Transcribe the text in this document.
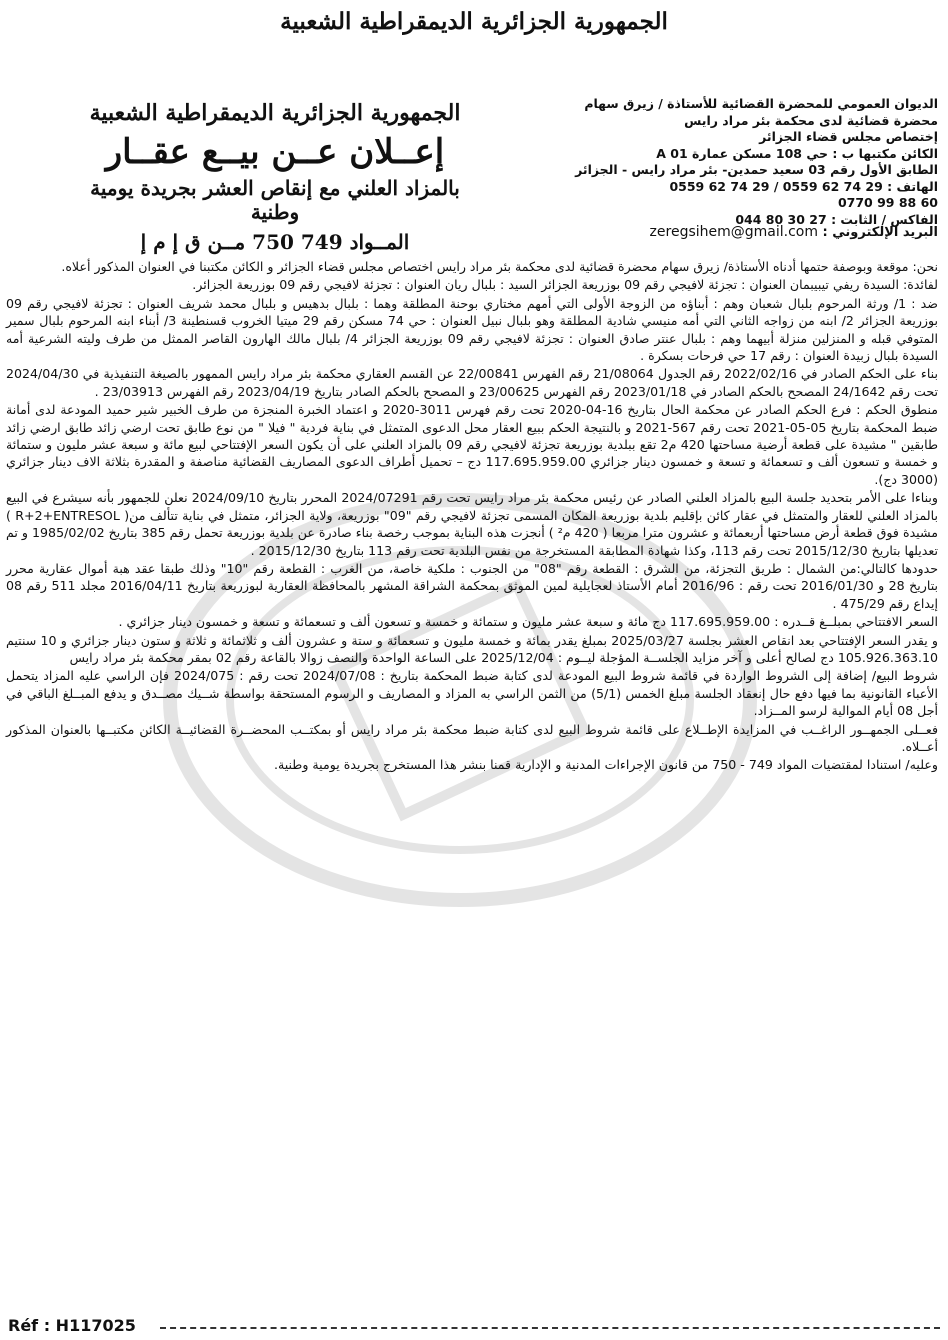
الجمهورية الجزائرية الديمقراطية الشعبية
الديوان العمومي للمحضرة القضائية للأستاذة / زيرق سهام
محضرة قضائية لدى محكمة بئر مراد رايس
إختصاص مجلس قضاء الجزائر
الكائن مكتبها ب : حي 108 مسكن عمارة A 01
الطابق الأول رقم 03 سعيد حمدين- بئر مراد رايس - الجزائر
الهاتف : 0559 62 74 29 / 0559 62 74 29
0770 99 88 60
الفاكس / الثابت : 044 80 30 27
البريد الإلكتروني : zeregsihem@gmail.com
الجمهورية الجزائرية الديمقراطية الشعبية
إعــلان عــن بيــع عقــار
بالمزاد العلني مع إنقاص العشر بجريدة يومية وطنية
المــواد 749 750 مــن ق إ م إ

نحن: موقعة وبوصفة حتمها أدناه الأستاذة/ زيرق سهام محضرة قضائية لدى محكمة بئر مراد رايس اختصاص مجلس قضاء الجزائر و الكائن مكتبنا في العنوان المذكور أعلاه.

لفائدة: السيدة ريفي تيبيبمان العنوان : تجزئة لافيجي رقم 09 بوزريعة الجزائر السيد : بلبال ريان العنوان : تجزئة لافيجي رقم 09 بوزريعة الجزائر.

ضد : 1/ ورثة المرحوم بلبال شعبان وهم : أبناؤه من الزوجة الأولى التي أمهم مختاري بوحنة المطلقة وهما : بلبال بدهيس و بلبال محمد شريف العنوان : تجزئة لافيجي رقم 09 بوزريعة الجزائر 2/ ابنه من زواجه الثاني التي أمه منيسي شادية المطلقة وهو بلبال نبيل العنوان : حي 74 مسكن رقم 29 ميتيا الخروب قسنطينة 3/ أبناء ابنه المرحوم بلبال سمير المتوفي قبله و المنزلين منزلة أبيهما وهم : بلبال عنتر صادق العنوان : تجزئة لافيجي رقم 09 بوزريعة الجزائر 4/ بلبال مالك الهارون القاصر الممثل من طرف وليته الشرعية أمه السيدة بلبال زبيدة العنوان : رقم 17 حي فرحات بسكرة .

بناء على الحكم الصادر في 2022/02/16 رقم الجدول 21/08064 رقم الفهرس 22/00841 عن القسم العقاري محكمة بئر مراد رايس الممهور بالصيغة التنفيذية في 2024/04/30 تحت رقم 24/1642 المصحح بالحكم الصادر في 2023/01/18 رقم الفهرس 23/00625 و المصحح بالحكم الصادر بتاريخ 2023/04/19 رقم الفهرس 23/03913 .

منطوق الحكم : فرع الحكم الصادر عن محكمة الحال بتاريخ 16-04-2020 تحت رقم فهرس 3011-2020 و اعتماد الخبرة المنجزة من طرف الخبير شير حميد المودعة لدى أمانة ضبط المحكمة بتاريخ 05-05-2021 تحت رقم 567-2021 و بالنتيجة الحكم ببيع العقار محل الدعوى المتمثل في بناية فردية " فيلا " من نوع طابق تحت ارضي زائد طابق ارضي زائد طابقين " مشيدة على قطعة أرضية مساحتها 420 م2 تقع ببلدية بوزريعة تجزئة لافيجي رقم 09 بالمزاد العلني على أن يكون السعر الإفتتاحي لبيع مائة و سبعة عشر مليون و ستمائة و خمسة و تسعون ألف و تسعمائة و تسعة و خمسون دينار جزائري 117.695.959.00 دج – تحميل أطراف الدعوى المصاريف القضائية مناصفة و المقدرة بثلاثة الاف دينار جزائري (3000 دج).

وبناءا على الأمر بتحديد جلسة البيع بالمزاد العلني الصادر عن رئيس محكمة بئر مراد رايس تحت رقم 2024/07291 المحرر بتاريخ 2024/09/10 نعلن للجمهور بأنه سيشرع في البيع بالمزاد العلني للعقار والمتمثل في عقار كائن بإقليم بلدية بوزريعة المكان المسمى تجزئة لافيجي رقم "09" بوزريعة، ولاية الجزائر، متمثل في بناية تتألف من( R+2+ENTRESOL ) مشيدة فوق قطعة أرض مساحتها أربعمائة و عشرون مترا مربعا ( 420 م² ) أنجزت هذه البناية بموجب رخصة بناء صادرة عن بلدية بوزريعة تحمل رقم 385 بتاريخ 1985/02/02 و تم تعديلها بتاريخ 2015/12/30 تحت رقم 113، وكذا شهادة المطابقة المستخرجة من نفس البلدية تحت رقم 113 بتاريخ 2015/12/30 .

حدودها كالتالي:من الشمال : طريق التجزئة، من الشرق : القطعة رقم "08" من الجنوب : ملكية خاصة، من الغرب : القطعة رقم "10" وذلك طبقا عقد هبة أموال عقارية محرر بتاريخ 28 و 2016/01/30 تحت رقم : 2016/96 أمام الأستاذ لعجايلية لمين الموثق بمحكمة الشراقة المشهر بالمحافظة العقارية لبوزريعة بتاريخ 2016/04/11 مجلد 511 رقم 08 إيداع رقم 475/29 .

السعر الافتتاحي بمبلــغ قــدره : 117.695.959.00 دج مائة و سبعة عشر مليون و ستمائة و خمسة و تسعون ألف و تسعمائة و تسعة و خمسون دينار جزائري .

و يقدر السعر الإفتتاحي بعد انقاص العشر بجلسة 2025/03/27 بمبلغ يقدر بمائة و خمسة مليون و تسعمائة و ستة و عشرون ألف و ثلاثمائة و ثلاثة و ستون دينار جزائري و 10 سنتيم 105.926.363.10 دج لصالح أعلى و آخر مزايد الجلســة المؤجلة ليــوم : 2025/12/04 على الساعة الواحدة والنصف زوالا بالقاعة رقم 02 بمقر محكمة بئر مراد رايس

شروط البيع/ إضافة إلى الشروط الواردة في قائمة شروط البيع المودعة لدى كتابة ضبط المحكمة بتاريخ : 2024/07/08 تحت رقم : 2024/075 فإن الراسي عليه المزاد يتحمل الأعباء القانونية بما فيها دفع حال إنعقاد الجلسة مبلغ الخمس (5/1) من الثمن الراسي به المزاد و المصاريف و الرسوم المستحقة بواسطة شــيك مصــدق و يدفع المبــلغ الباقي في أجل 08 أيام الموالية لرسو المــزاد.

فعــلى الجمهــور الراغــب في المزايدة الإطــلاع على قائمة شروط البيع لدى كتابة ضبط محكمة بئر مراد رايس أو بمكتــب المحضــرة القضائيــة الكائن مكتبــها بالعنوان المذكور أعــلاه.

وعليه/ استنادا لمقتضيات المواد 749 - 750 من قانون الإجراءات المدنية و الإدارية قمنا بنشر هذا المستخرج بجريدة يومية وطنية.

Réf : H117025
